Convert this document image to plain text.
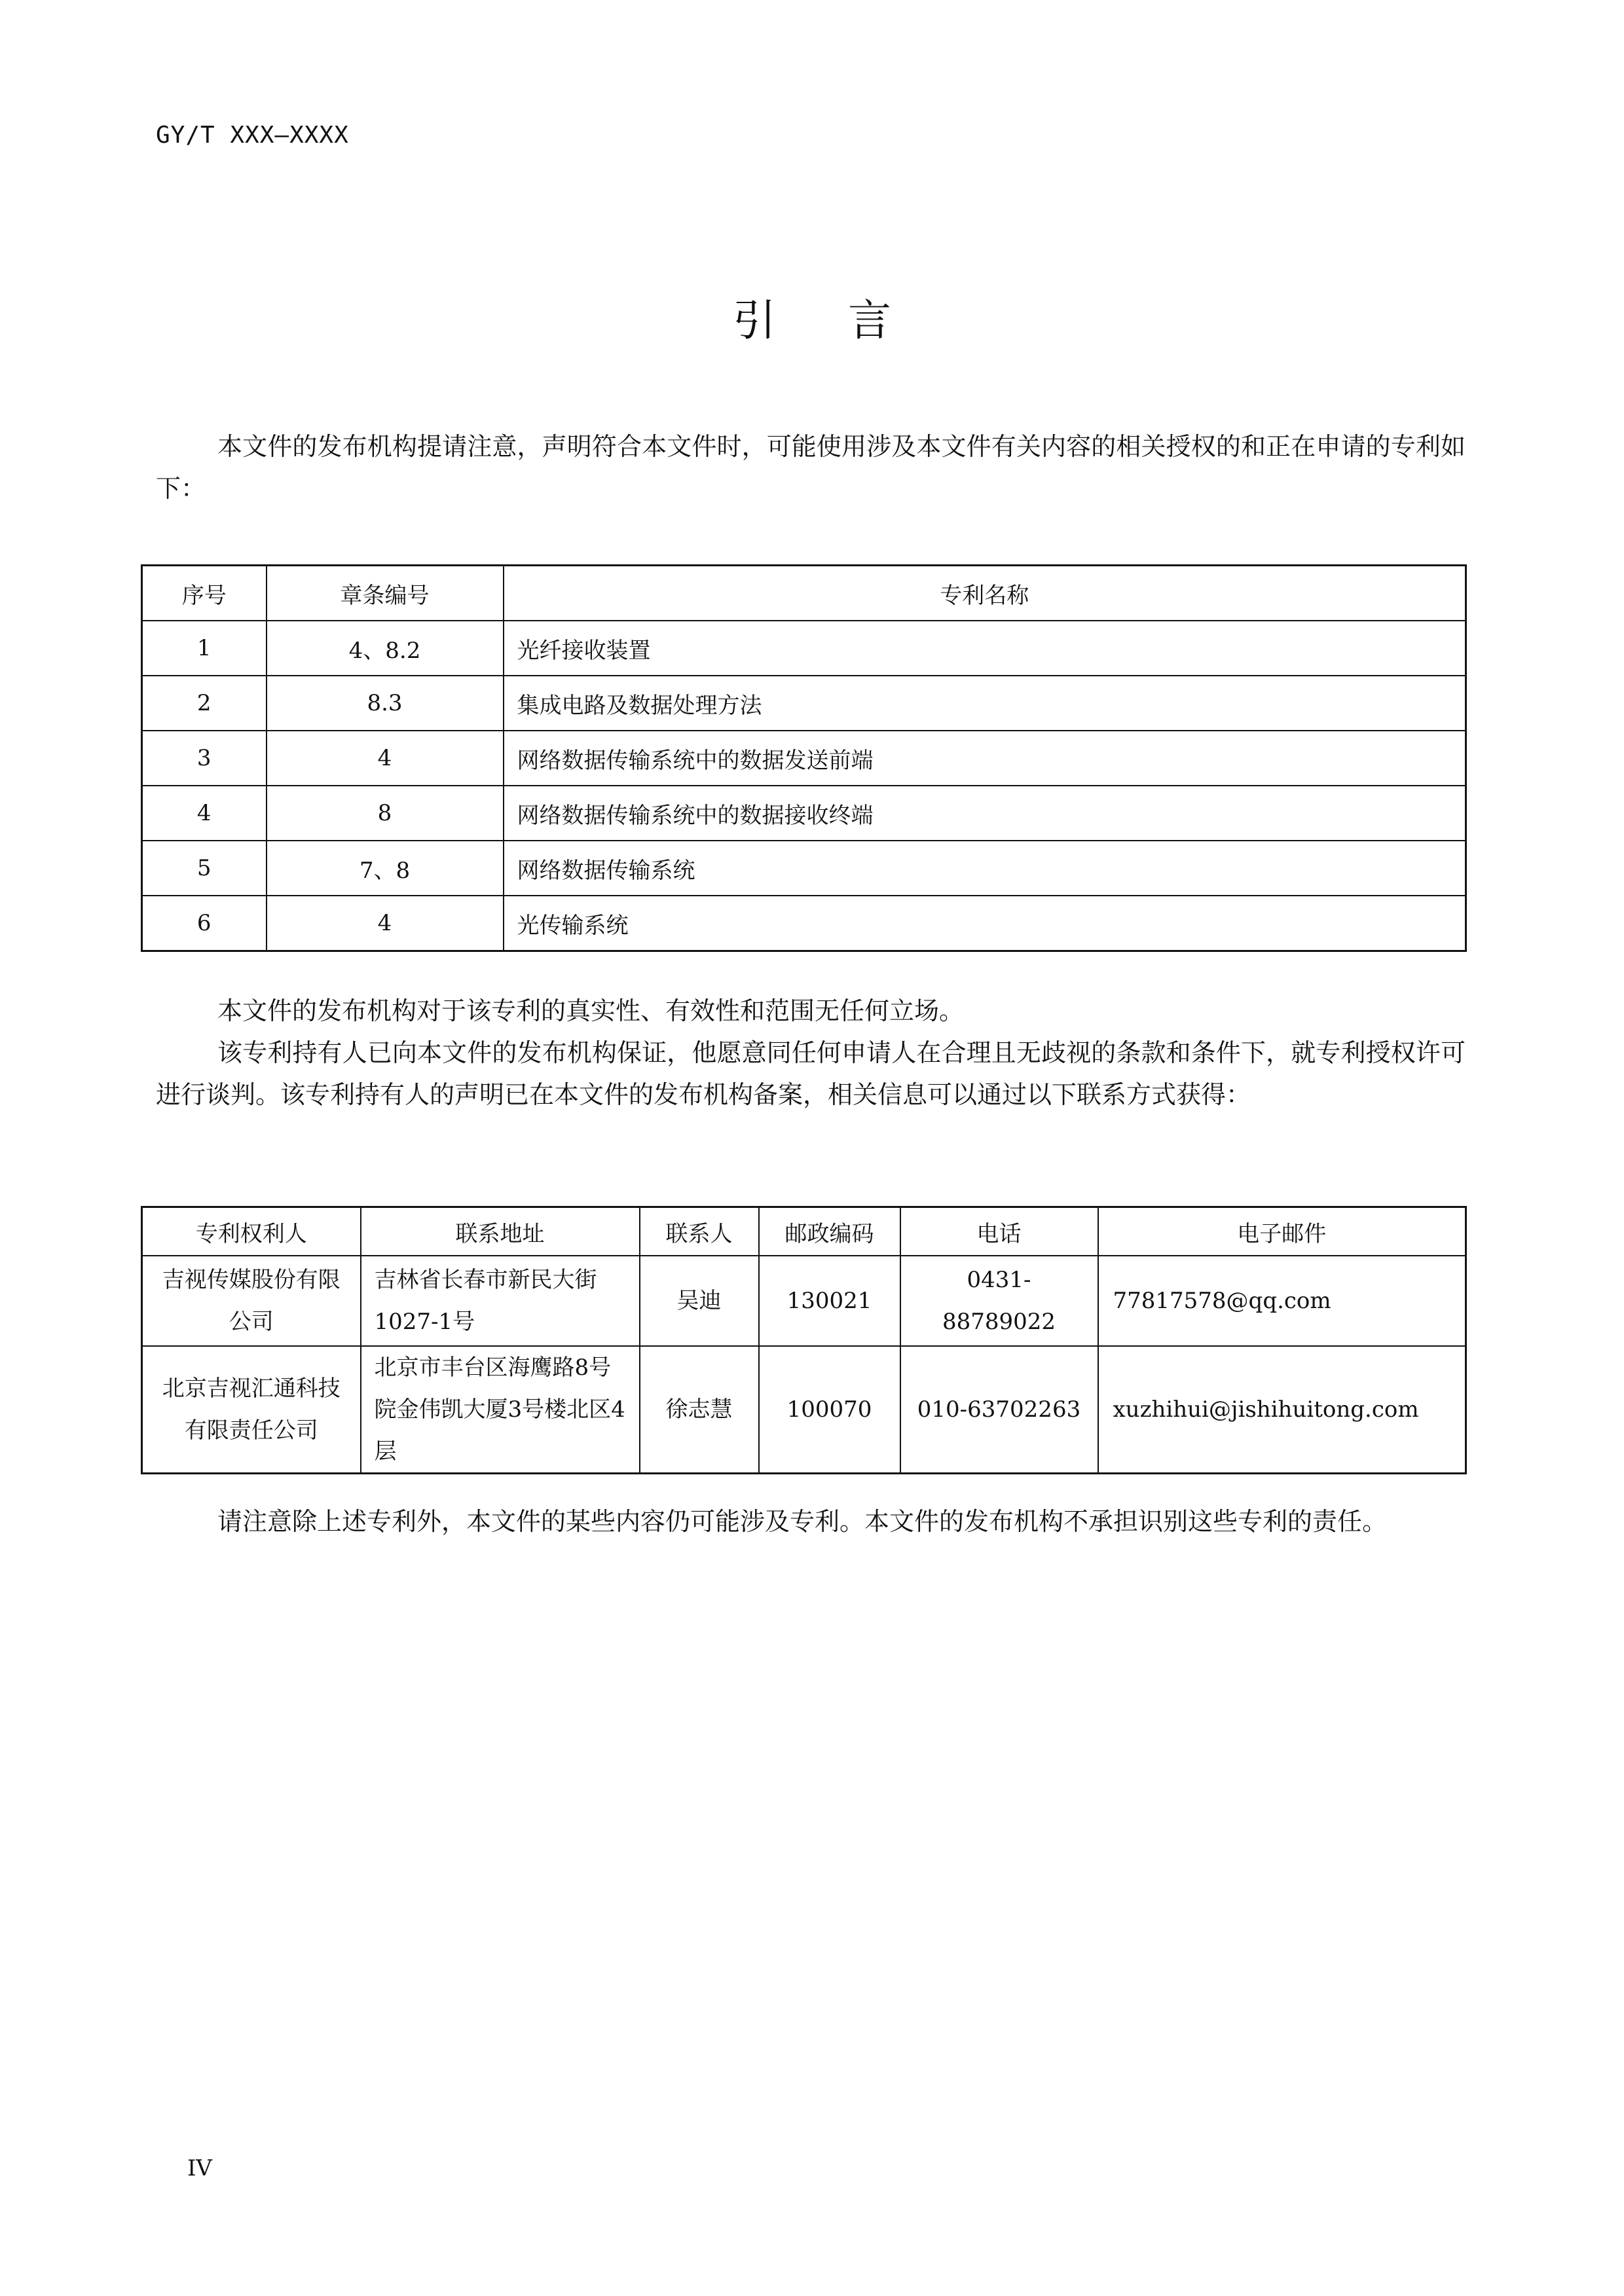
GY/T XXX—XXXX
引言
本文件的发布机构提请注意，声明符合本文件时，可能使用涉及本文件有关内容的相关授权的和正在申请的专利如下：
序号	章条编号	专利名称
1	4、8.2	光纤接收装置
2	8.3	集成电路及数据处理方法
3	4	网络数据传输系统中的数据发送前端
4	8	网络数据传输系统中的数据接收终端
5	7、8	网络数据传输系统
6	4	光传输系统
本文件的发布机构对于该专利的真实性、有效性和范围无任何立场。
该专利持有人已向本文件的发布机构保证，他愿意同任何申请人在合理且无歧视的条款和条件下，就专利授权许可进行谈判。该专利持有人的声明已在本文件的发布机构备案，相关信息可以通过以下联系方式获得：
专利权利人	联系地址	联系人	邮政编码	电话	电子邮件
吉视传媒股份有限公司	吉林省长春市新民大街1027-1号	吴迪	130021	0431-88789022	77817578@qq.com
北京吉视汇通科技有限责任公司	北京市丰台区海鹰路8号院金伟凯大厦3号楼北区4层	徐志慧	100070	010-63702263	xuzhihui@jishihuitong.com
请注意除上述专利外，本文件的某些内容仍可能涉及专利。本文件的发布机构不承担识别这些专利的责任。
IV
